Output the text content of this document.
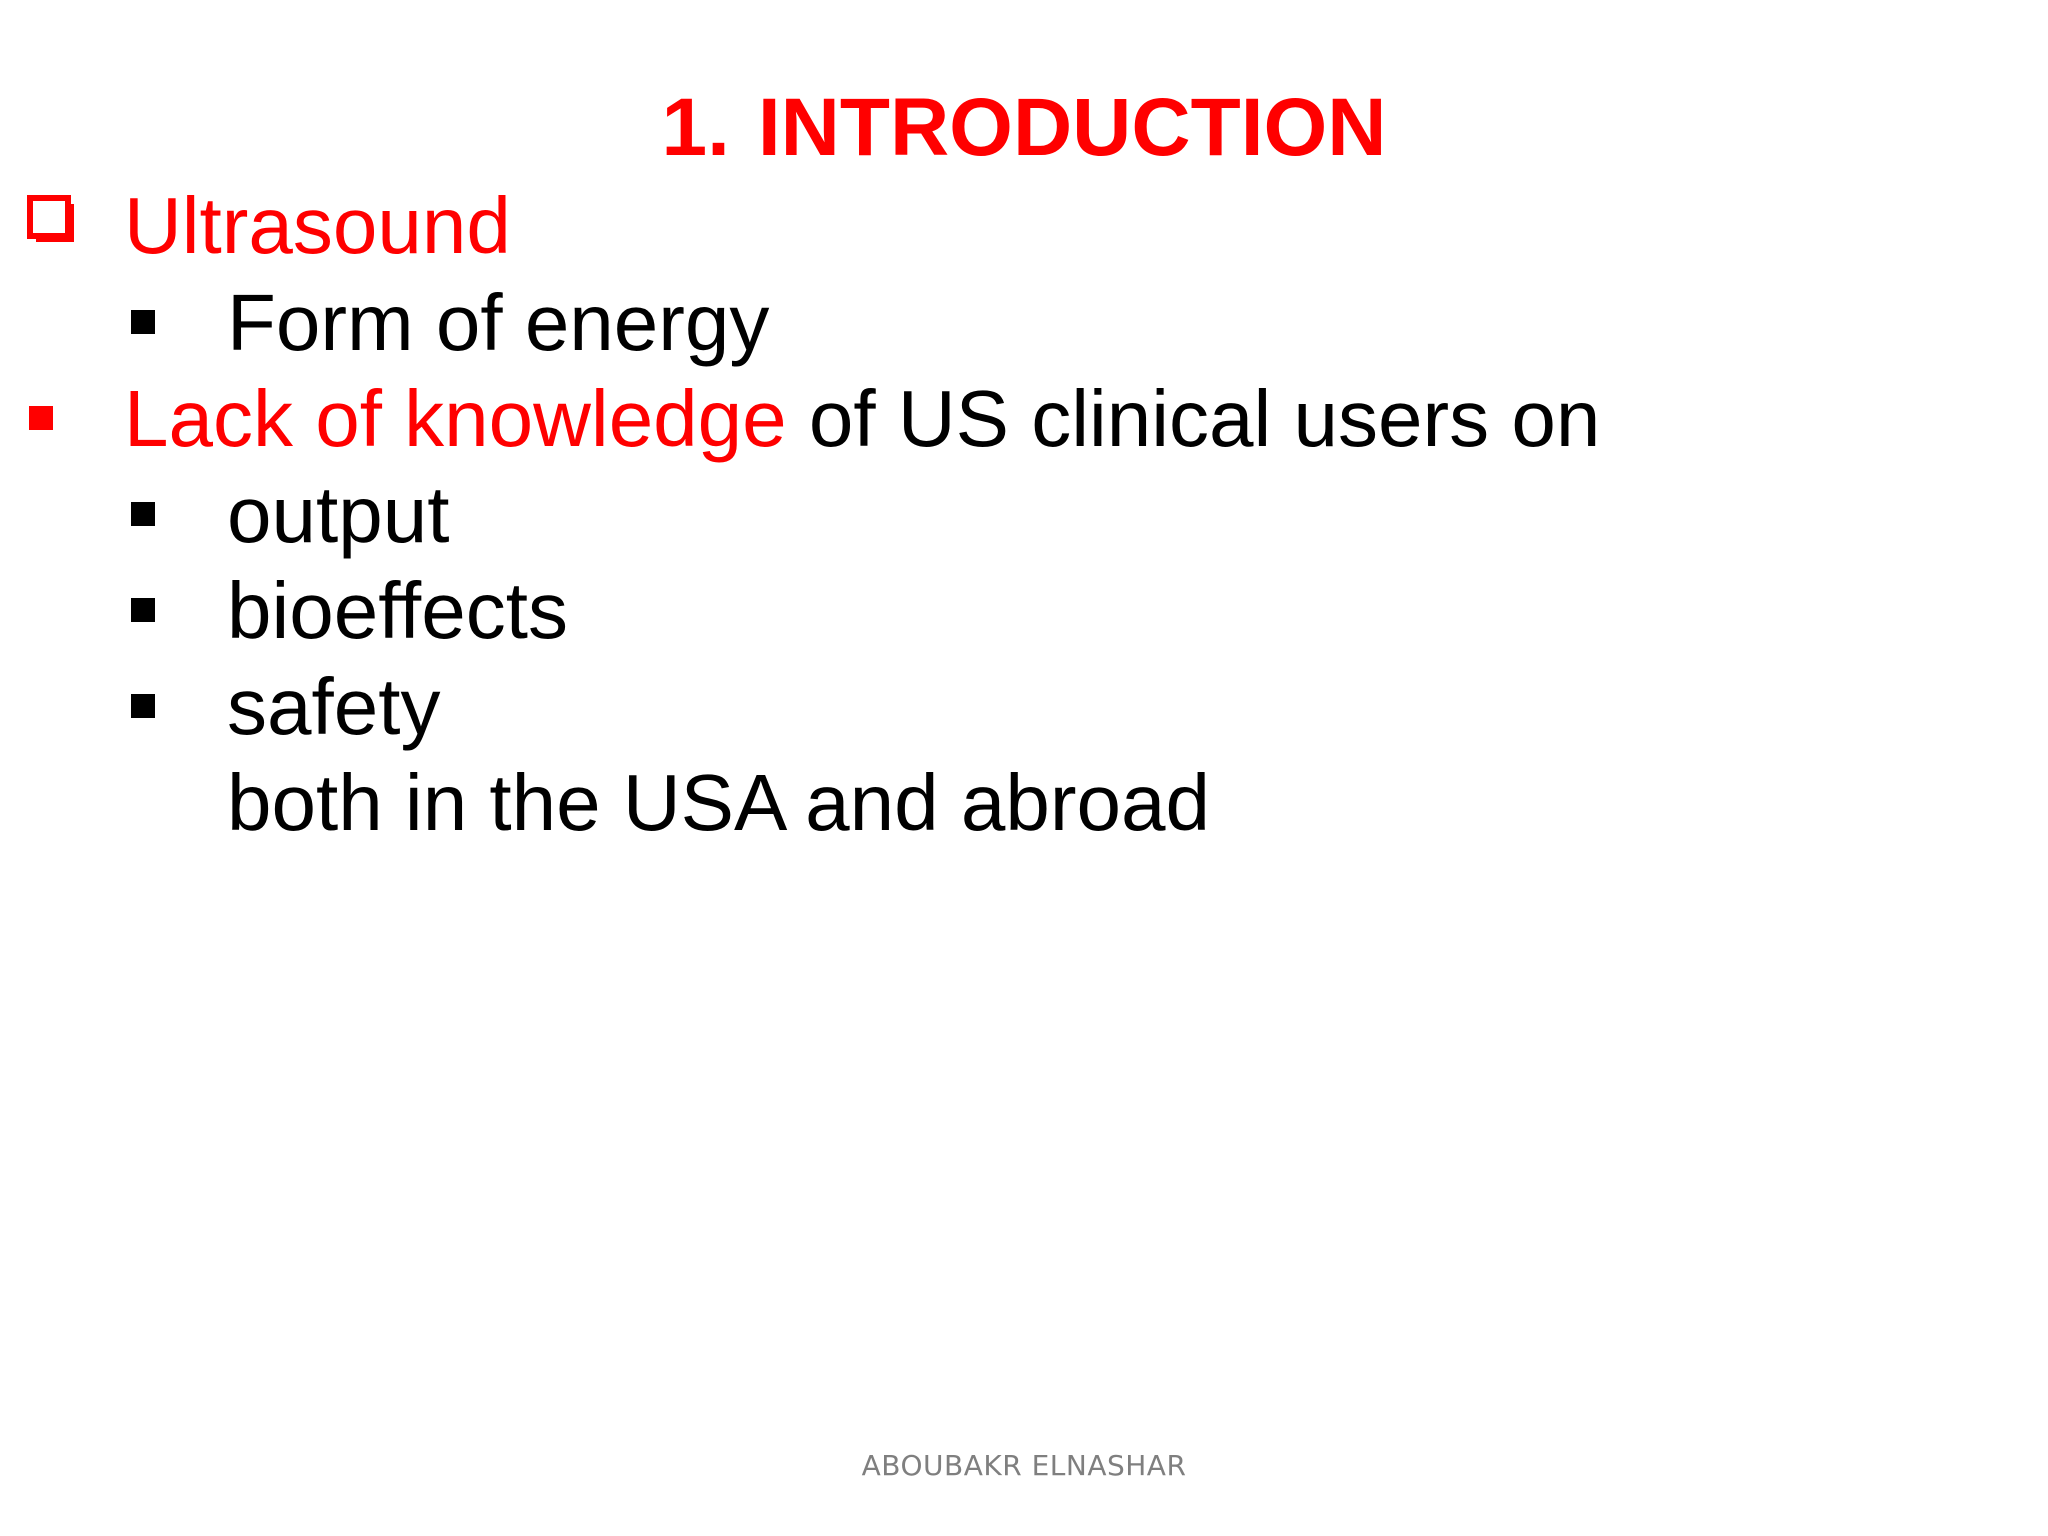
1. INTRODUCTION
Ultrasound
Form of energy
Lack of knowledge of US clinical users on
output
bioeffects
safety
both in the USA and abroad
ABOUBAKR ELNASHAR
